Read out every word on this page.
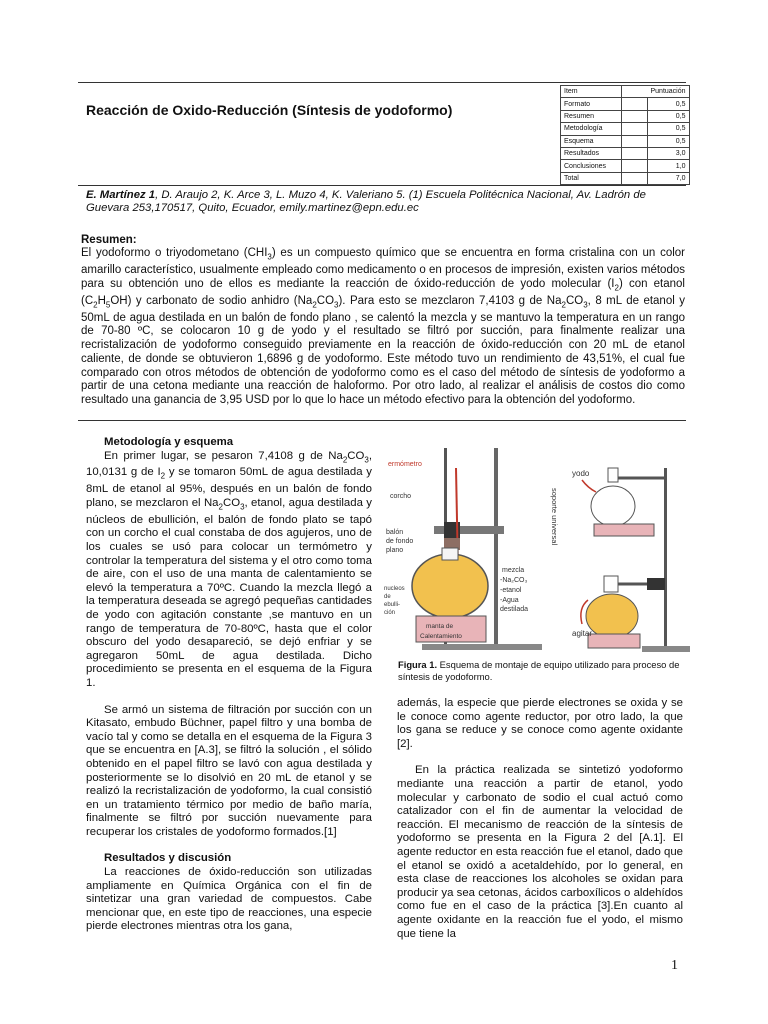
Reacción de Oxido-Reducción (Síntesis de yodoformo)
Item		Puntuación
Formato		0,5
Resumen		0,5
Metodología		0,5
Esquema		0,5
Resultados		3,0
Conclusiones		1,0
Total		7,0
E. Martínez 1, D. Araujo 2, K. Arce 3, L. Muzo 4, K. Valeriano 5. (1) Escuela Politécnica Nacional, Av. Ladrón de Guevara 253,170517, Quito, Ecuador, emily.martinez@epn.edu.ec
Resumen:
El yodoformo o triyodometano $(CHI_3)$ es un compuesto químico que se encuentra en forma cristalina con un color amarillo característico, usualmente empleado como medicamento o en procesos de impresión, existen varios métodos para su obtención uno de ellos es mediante la reacción de óxido-reducción de yodo molecular $(I_2)$ con etanol $(C_2H_5OH)$ y carbonato de sodio anhidro $(Na_2CO_3)$. Para esto se mezclaron 7,4103 g de $Na_2CO_3$, 8 mL de etanol y 50mL de agua destilada en un balón de fondo plano , se calentó la mezcla y se mantuvo la temperatura en un rango de 70-80 ºC, se colocaron 10 g de yodo y el resultado se filtró por succión, para finalmente realizar una recristalización de yodoformo conseguido previamente en la reacción de óxido-reducción con 20 mL de etanol caliente, de donde se obtuvieron 1,6896 g de yodoformo. Este método tuvo un rendimiento de 43,51%, el cual fue comparado con otros métodos de obtención de yodoformo como es el caso del método de síntesis de yodoformo a partir de una cetona mediante una reacción de haloformo. Por otro lado, al realizar el análisis de costos dio como resultado una ganancia de 3,95 USD por lo que lo hace un método efectivo para la obtención del yodoformo.

Metodología y esquema

En primer lugar, se pesaron 7,4108 g de $Na_2CO_3$, 10,0131 g de $I_2$ y se tomaron 50mL de agua destilada y 8mL de etanol al 95%, después en un balón de fondo plano, se mezclaron el $Na_2CO_3$, etanol, agua destilada y núcleos de ebullición, el balón de fondo plato se tapó con un corcho el cual constaba de dos agujeros, uno de los cuales se usó para colocar un termómetro y controlar la temperatura del sistema y el otro como toma de aire, con el uso de una manta de calentamiento se elevó la temperatura a 70ºC. Cuando la mezcla llegó a la temperatura deseada se agregó pequeñas cantidades de yodo con agitación constante ,se mantuvo en un rango de temperatura de 70-80ºC, hasta que el color obscuro del yodo desapareció, se dejó enfriar y se agregaron 50mL de agua destilada. Dicho procedimiento se presenta en el esquema de la Figura 1.

Se armó un sistema de filtración por succión con un Kitasato, embudo Büchner, papel filtro y una bomba de vacío tal y como se detalla en el esquema de la Figura 3 que se encuentra en [A.3], se filtró la solución , el sólido obtenido en el papel filtro se lavó con agua destilada y posteriormente se lo disolvió en 20 mL de etanol y se realizó la recristalización de yodoformo, la cual consistió en un tratamiento térmico por medio de baño maría, finalmente se filtró por succión nuevamente para recuperar los cristales de yodoformo formados.[1]

Resultados y discusión

La reacciones de óxido-reducción son utilizadas ampliamente en Química Orgánica con el fin de sintetizar una gran variedad de compuestos. Cabe mencionar que, en este tipo de reacciones, una especie pierde electrones mientras otra los gana,

ermómetro
corcho
balón
de fondo
plano
nucleos
de
ebulli-
ción
manta de
Calentamiento
mezcla
-Na₂CO₃
-etanol
-Agua
destilada
soporte universal
yodo
agitar
Figura 1. Esquema de montaje de equipo utilizado para proceso de síntesis de yodoformo.

además, la especie que pierde electrones se oxida y se le conoce como agente reductor, por otro lado, la que los gana se reduce y se conoce como agente oxidante [2].

En la práctica realizada se sintetizó yodoformo mediante una reacción a partir de etanol, yodo molecular y carbonato de sodio el cual actuó como catalizador con el fin de aumentar la velocidad de reacción. El mecanismo de reacción de la síntesis de yodoformo se presenta en la Figura 2 del [A.1]. El agente reductor en esta reacción fue el etanol, dado que el etanol se oxidó a acetaldehído, por lo general, en esta clase de reacciones los alcoholes se oxidan para producir ya sea cetonas, ácidos carboxílicos o aldehídos como fue en el caso de la práctica [3].En cuanto al agente oxidante en la reacción fue el yodo, el mismo que tiene la

1
